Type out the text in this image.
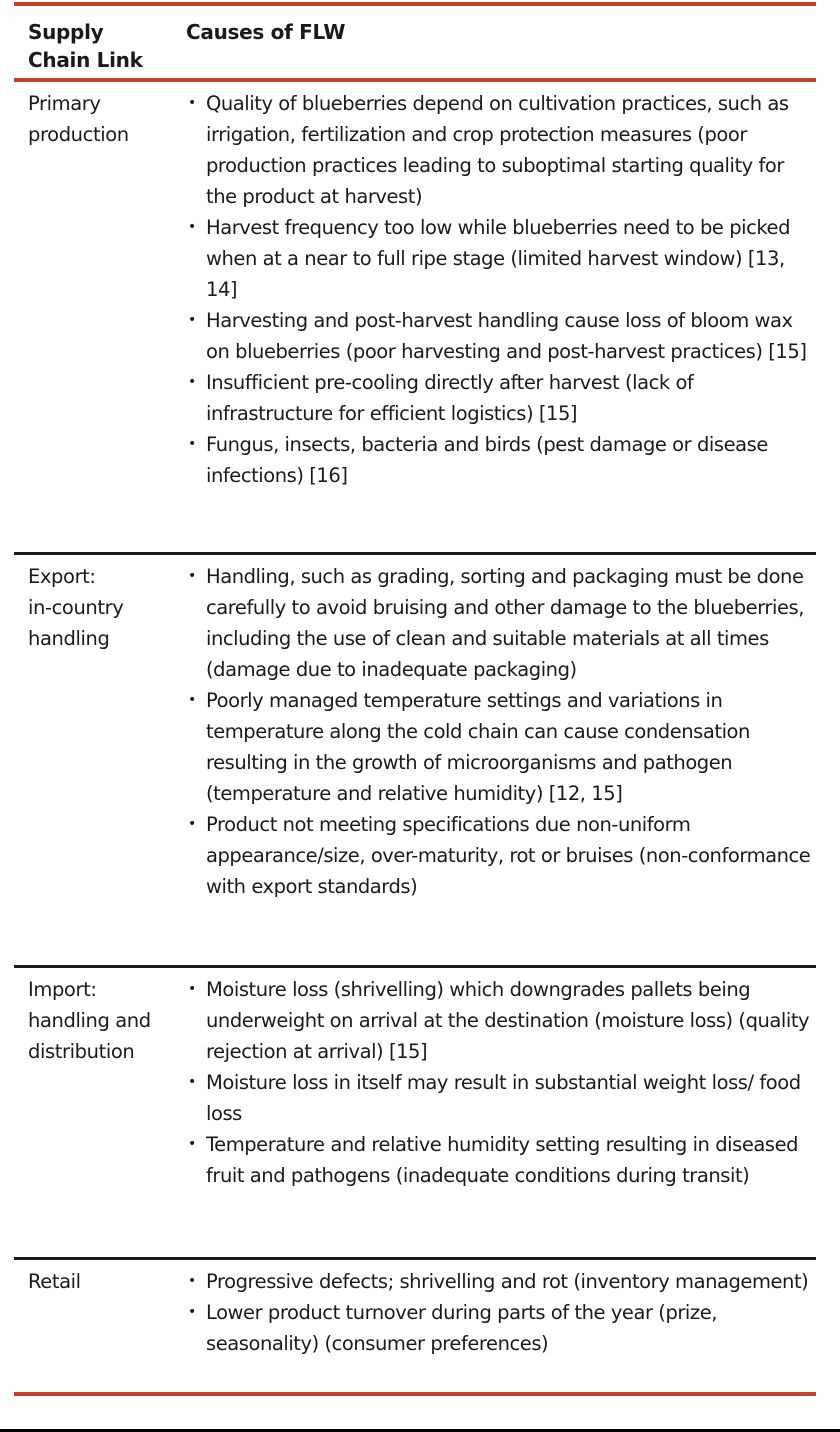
Supply
Chain Link
Causes of FLW
Primary
production
• Quality of blueberries depend on cultivation practices, such as irrigation, fertilization and crop protection measures (poor production practices leading to suboptimal starting quality for the product at harvest)
• Harvest frequency too low while blueberries need to be picked when at a near to full ripe stage (limited harvest window) [13, 14]
• Harvesting and post-harvest handling cause loss of bloom wax on blueberries (poor harvesting and post-harvest practices) [15]
• Insufficient pre-cooling directly after harvest (lack of infrastructure for efficient logistics) [15]
• Fungus, insects, bacteria and birds (pest damage or disease infections) [16]
Export:
in-country
handling
• Handling, such as grading, sorting and packaging must be done carefully to avoid bruising and other damage to the blueberries, including the use of clean and suitable materials at all times (damage due to inadequate packaging)
• Poorly managed temperature settings and variations in temperature along the cold chain can cause condensation resulting in the growth of microorganisms and pathogen (temperature and relative humidity) [12, 15]
• Product not meeting specifications due non-uniform appearance/size, over-maturity, rot or bruises (non-conformance with export standards)
Import:
handling and
distribution
• Moisture loss (shrivelling) which downgrades pallets being underweight on arrival at the destination (moisture loss) (quality rejection at arrival) [15]
• Moisture loss in itself may result in substantial weight loss/ food loss
• Temperature and relative humidity setting resulting in diseased fruit and pathogens (inadequate conditions during transit)
Retail	• Progressive defects; shrivelling and rot (inventory management)
• Lower product turnover during parts of the year (prize, seasonality) (consumer preferences)
